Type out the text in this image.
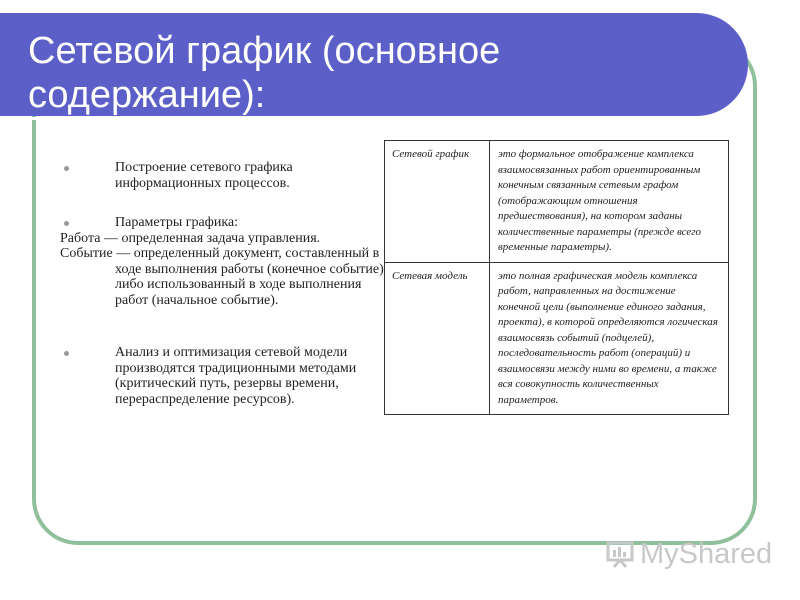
Сетевой график (основное содержание):
Построение сетевого графика информационных процессов.
Параметры графика:
Работа — определенная задача управления.
Событие — определенный документ, составленный в ходе выполнения работы (конечное событие) либо использованный в ходе выполнения работ (начальное событие).
Анализ и оптимизация сетевой модели производятся традиционными методами (критический путь, резервы времени, перераспределение ресурсов).
Сетевой график	это формальное отображение комплекса взаимосвязанных работ ориентированным конечным связанным сетевым графом (отображающим отношения предшествования), на котором заданы количественные параметры (прежде всего временные параметры).
Сетевая модель	это полная графическая модель комплекса работ, направленных на достижение конечной цели (выполнение единого задания, проекта), в которой определяются логическая взаимосвязь событий (подцелей), последовательность работ (операций) и взаимосвязи между ними во времени, а также вся совокупность количественных параметров.
MyShared
